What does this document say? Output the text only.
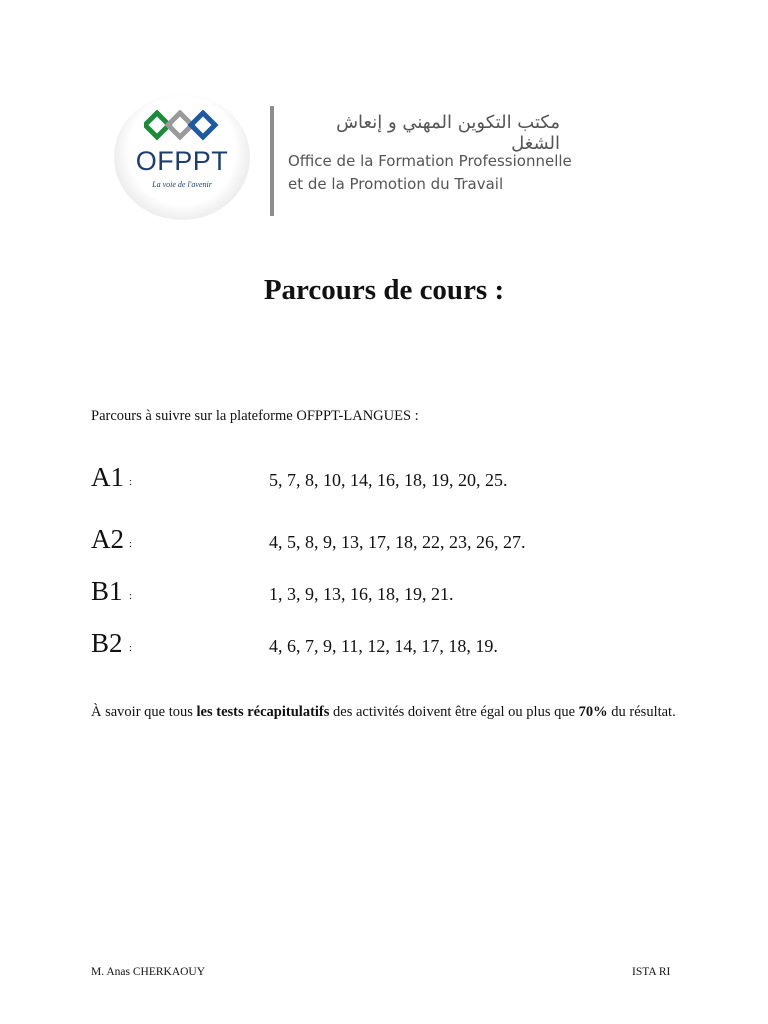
OFPPT
La voie de l'avenir
مكتب التكوين المهني و إنعاش الشغل
Office de la Formation Professionnelle
et de la Promotion du Travail
Parcours de cours :
Parcours à suivre sur la plateforme OFPPT-LANGUES :
A1 :	5, 7, 8, 10, 14, 16, 18, 19, 20, 25.
A2 :	4, 5, 8, 9, 13, 17, 18, 22, 23, 26, 27.
B1 :	1, 3, 9, 13, 16, 18, 19, 21.
B2 :	4, 6, 7, 9, 11, 12, 14, 17, 18, 19.
À savoir que tous les tests récapitulatifs des activités doivent être égal ou plus que 70% du résultat.
M. Anas CHERKAOUY	ISTA RI
